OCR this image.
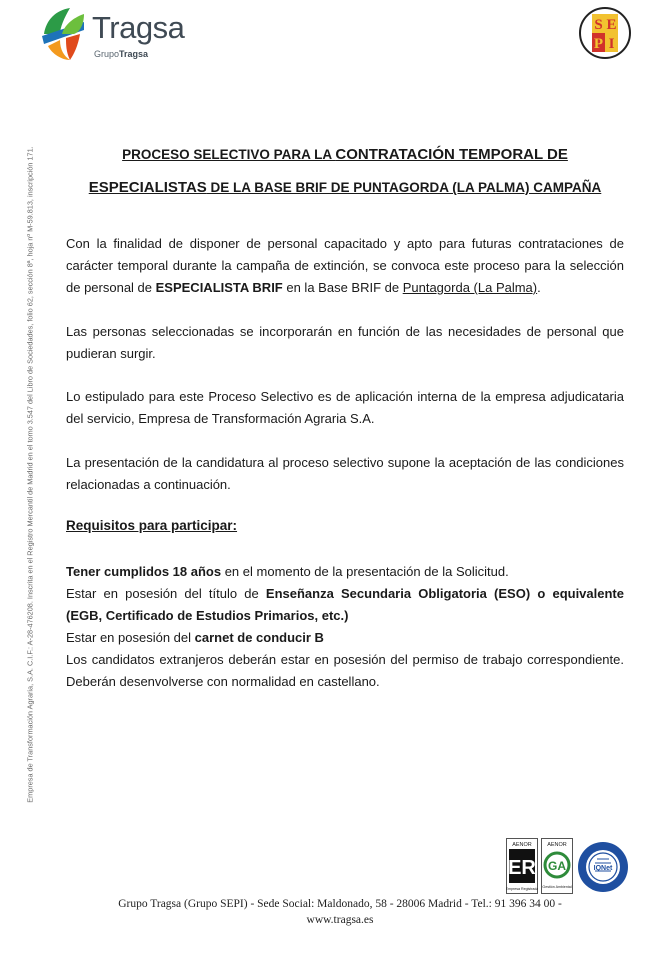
Tragsa
GrupoTragsa
S E
P I
Empresa de Transformación Agraria, S.A. C.I.F.: A-28-476208. Inscrita en el Registro Mercantil de Madrid en el tomo 3.547 del Libro de Sociedades, folio 62, sección 8ª, hoja nº M-59.813, inscripción 171.	PROCESO SELECTIVO PARA LA CONTRATACIÓN TEMPORAL DE
ESPECIALISTAS DE LA BASE BRIF DE PUNTAGORDA (LA PALMA) CAMPAÑA
Con la finalidad de disponer de personal capacitado y apto para futuras contrataciones de carácter temporal durante la campaña de extinción, se convoca este proceso para la selección de personal de ESPECIALISTA BRIF en la Base BRIF de Puntagorda (La Palma).
Las personas seleccionadas se incorporarán en función de las necesidades de personal que pudieran surgir.
Lo estipulado para este Proceso Selectivo es de aplicación interna de la empresa adjudicataria del servicio, Empresa de Transformación Agraria S.A.
La presentación de la candidatura al proceso selectivo supone la aceptación de las condiciones relacionadas a continuación.
Requisitos para participar:
Tener cumplidos 18 años en el momento de la presentación de la Solicitud.
Estar en posesión del título de Enseñanza Secundaria Obligatoria (ESO) o equivalente (EGB, Certificado de Estudios Primarios, etc.)
Estar en posesión del carnet de conducir B
Los candidatos extranjeros deberán estar en posesión del permiso de trabajo correspondiente. Deberán desenvolverse con normalidad en castellano.
AENOR
ER
Empresa Registrada
AENOR
GA
Gestión Ambiental
IQNet
Grupo Tragsa (Grupo SEPI) - Sede Social: Maldonado, 58 - 28006 Madrid - Tel.: 91 396 34 00 -
www.tragsa.es
